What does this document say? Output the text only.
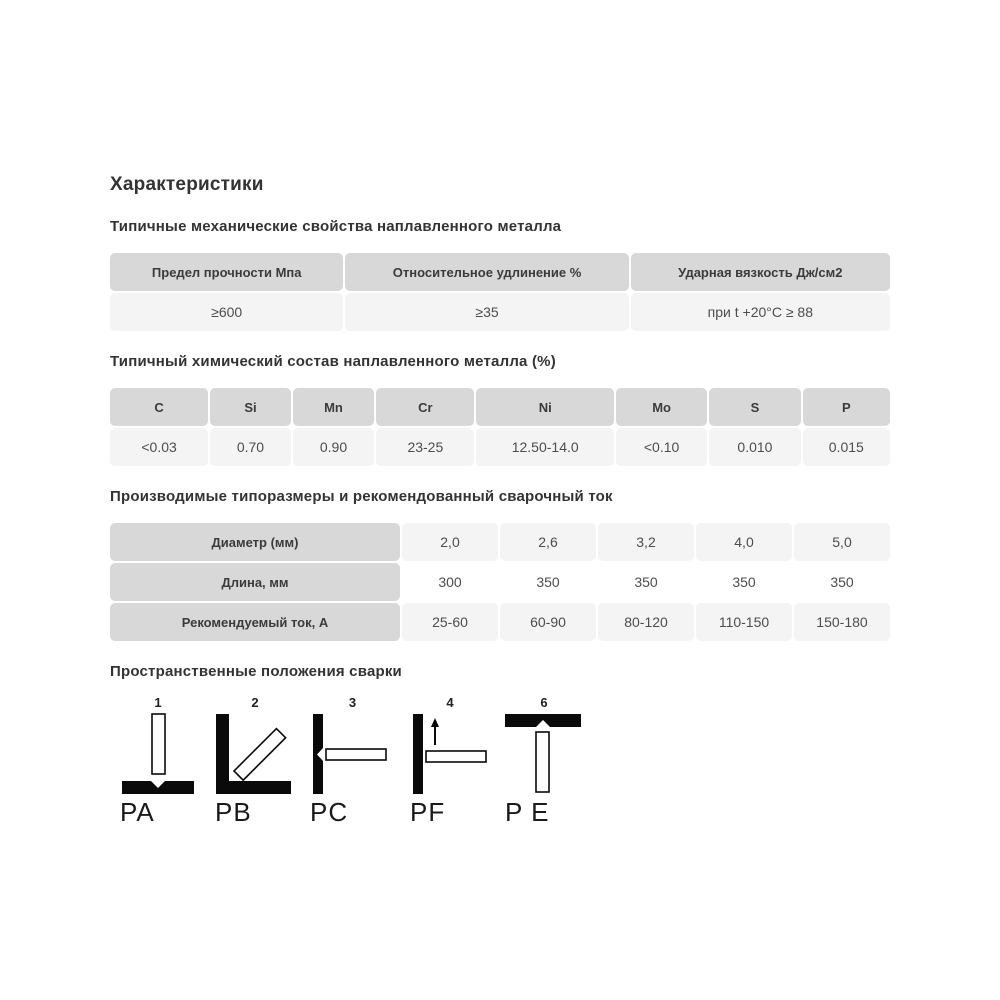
Характеристики
Типичные механические свойства наплавленного металла
Предел прочности Мпа	Относительное удлинение %	Ударная вязкость Дж/см2
≥600	≥35	при t +20°C ≥ 88
Типичный химический состав наплавленного металла (%)
C	Si	Mn	Cr	Ni	Mo	S	P
<0.03	0.70	0.90	23-25	12.50-14.0	<0.10	0.010	0.015
Производимые типоразмеры и рекомендованный сварочный ток
Диаметр (мм)	2,0	2,6	3,2	4,0	5,0
Длина, мм	300	350	350	350	350
Рекомендуемый ток, А	25-60	60-90	80-120	110-150	150-180
Пространственные положения сварки
1
PA
2
PB
3
PC
4
PF
6
P E
